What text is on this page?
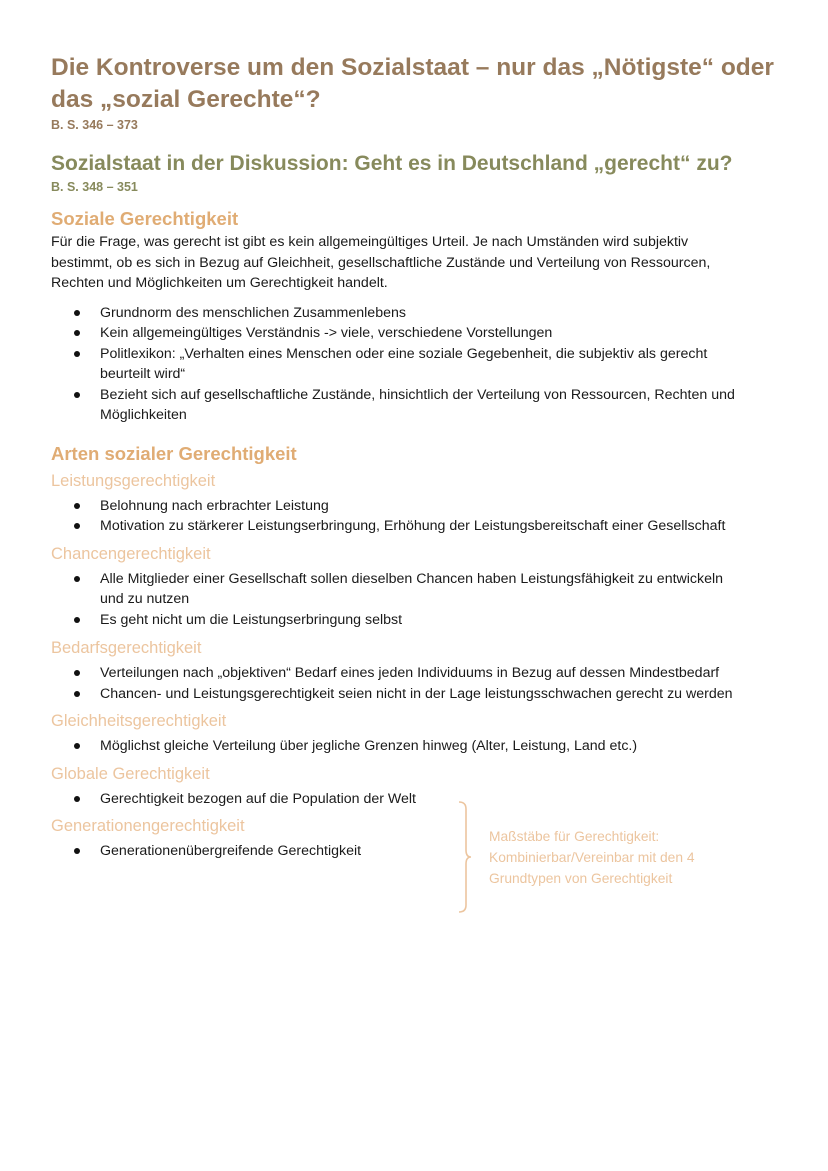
Die Kontroverse um den Sozialstaat – nur das „Nötigste“ oder
das „sozial Gerechte“?
B. S. 346 – 373
Sozialstaat in der Diskussion: Geht es in Deutschland „gerecht“ zu?
B. S. 348 – 351
Soziale Gerechtigkeit

Für die Frage, was gerecht ist gibt es kein allgemeingültiges Urteil. Je nach Umständen wird subjektiv
bestimmt, ob es sich in Bezug auf Gleichheit, gesellschaftliche Zustände und Verteilung von Ressourcen,
Rechten und Möglichkeiten um Gerechtigkeit handelt.

Grundnorm des menschlichen Zusammenlebens
Kein allgemeingültiges Verständnis -> viele, verschiedene Vorstellungen
Politlexikon: „Verhalten eines Menschen oder eine soziale Gegebenheit, die subjektiv als gerecht
beurteilt wird“
Bezieht sich auf gesellschaftliche Zustände, hinsichtlich der Verteilung von Ressourcen, Rechten und
Möglichkeiten
Arten sozialer Gerechtigkeit
Leistungsgerechtigkeit
Belohnung nach erbrachter Leistung
Motivation zu stärkerer Leistungserbringung, Erhöhung der Leistungsbereitschaft einer Gesellschaft
Chancengerechtigkeit
Alle Mitglieder einer Gesellschaft sollen dieselben Chancen haben Leistungsfähigkeit zu entwickeln
und zu nutzen
Es geht nicht um die Leistungserbringung selbst
Bedarfsgerechtigkeit
Verteilungen nach „objektiven“ Bedarf eines jeden Individuums in Bezug auf dessen Mindestbedarf
Chancen- und Leistungsgerechtigkeit seien nicht in der Lage leistungsschwachen gerecht zu werden
Gleichheitsgerechtigkeit
Möglichst gleiche Verteilung über jegliche Grenzen hinweg (Alter, Leistung, Land etc.)
Globale Gerechtigkeit
Gerechtigkeit bezogen auf die Population der Welt
Generationengerechtigkeit
Generationenübergreifende Gerechtigkeit
Maßstäbe für Gerechtigkeit:
Kombinierbar/Vereinbar mit den 4
Grundtypen von Gerechtigkeit
